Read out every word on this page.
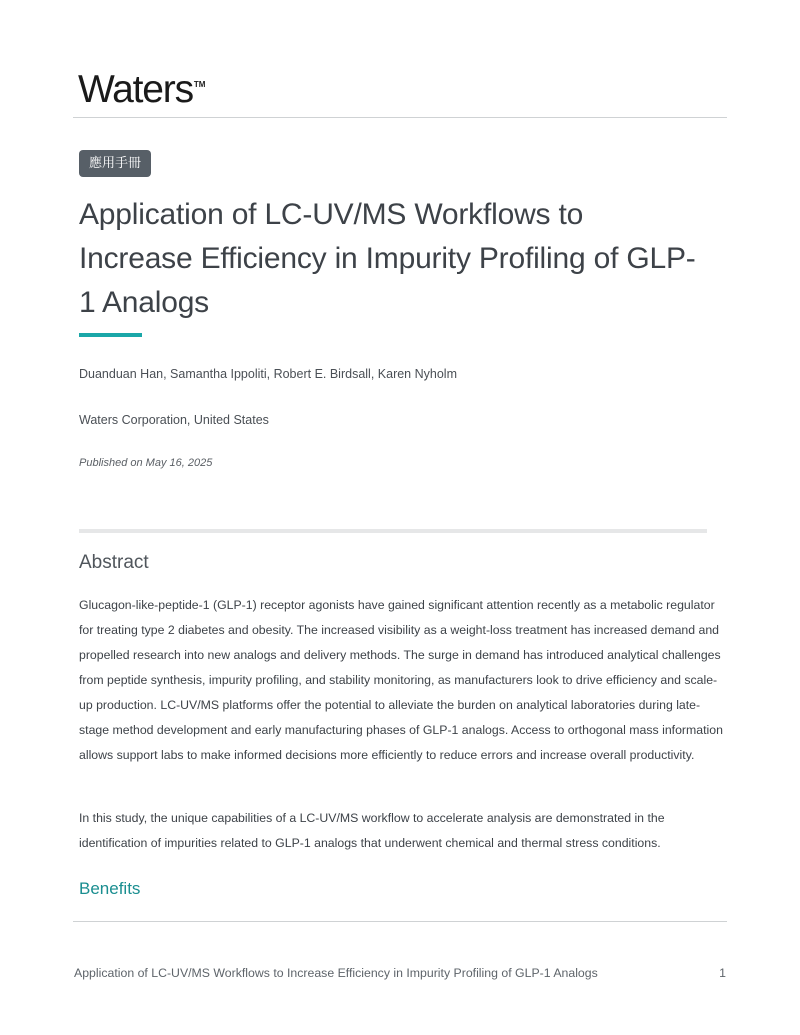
Waters™
應用手冊
Application of LC-UV/MS Workflows to Increase Efficiency in Impurity Profiling of GLP-1 Analogs
Duanduan Han, Samantha Ippoliti, Robert E. Birdsall, Karen Nyholm
Waters Corporation, United States
Published on May 16, 2025
Abstract

Glucagon-like-peptide-1 (GLP-1) receptor agonists have gained significant attention recently as a metabolic regulator for treating type 2 diabetes and obesity. The increased visibility as a weight-loss treatment has increased demand and propelled research into new analogs and delivery methods. The surge in demand has introduced analytical challenges from peptide synthesis, impurity profiling, and stability monitoring, as manufacturers look to drive efficiency and scale-up production. LC-UV/MS platforms offer the potential to alleviate the burden on analytical laboratories during late-stage method development and early manufacturing phases of GLP-1 analogs. Access to orthogonal mass information allows support labs to make informed decisions more efficiently to reduce errors and increase overall productivity.

In this study, the unique capabilities of a LC-UV/MS workflow to accelerate analysis are demonstrated in the identification of impurities related to GLP-1 analogs that underwent chemical and thermal stress conditions.

Benefits
Application of LC-UV/MS Workflows to Increase Efficiency in Impurity Profiling of GLP-1 Analogs	1
